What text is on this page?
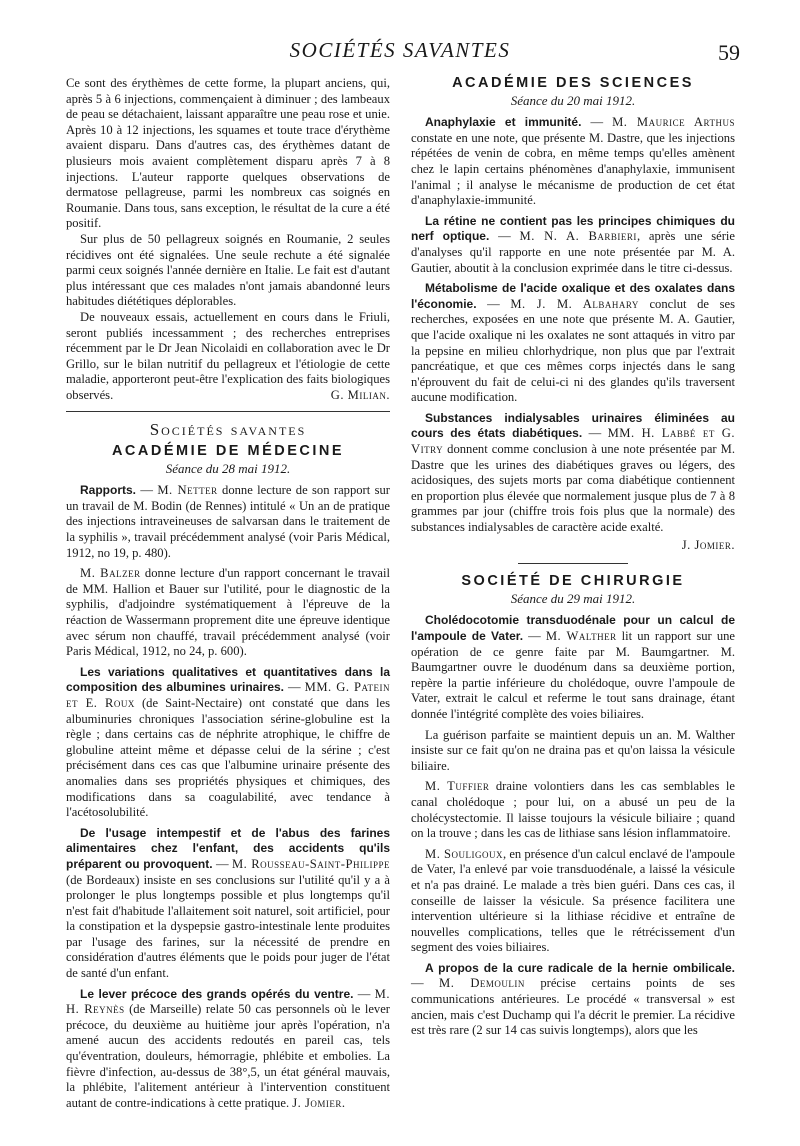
SOCIÉTÉS SAVANTES	59

Ce sont des érythèmes de cette forme, la plupart anciens, qui, après 5 à 6 injections, commençaient à diminuer ; des lambeaux de peau se détachaient, laissant apparaître une peau rose et unie. Après 10 à 12 injections, les squames et toute trace d'érythème avaient disparu. Dans d'autres cas, des érythèmes datant de plusieurs mois avaient complètement disparu après 7 à 8 injections. L'auteur rapporte quelques observations de dermatose pellagreuse, parmi les nombreux cas soignés en Roumanie. Dans tous, sans exception, le résultat de la cure a été positif.

Sur plus de 50 pellagreux soignés en Roumanie, 2 seules récidives ont été signalées. Une seule rechute a été signalée parmi ceux soignés l'année dernière en Italie. Le fait est d'autant plus intéressant que ces malades n'ont jamais abandonné leurs habitudes diététiques déplorables.

De nouveaux essais, actuellement en cours dans le Friuli, seront publiés incessamment ; des recherches entreprises récemment par le Dr Jean Nicolaidi en collaboration avec le Dr Grillo, sur le bilan nutritif du pellagreux et l'étiologie de cette maladie, apporteront peut-être l'explication des faits biologiques observés.	G. Milian.

Sociétés savantes
ACADÉMIE DE MÉDECINE
Séance du 28 mai 1912.

Rapports. — M. Netter donne lecture de son rapport sur un travail de M. Bodin (de Rennes) intitulé « Un an de pratique des injections intraveineuses de salvarsan dans le traitement de la syphilis », travail précédemment analysé (voir Paris Médical, 1912, no 19, p. 480).

M. Balzer donne lecture d'un rapport concernant le travail de MM. Hallion et Bauer sur l'utilité, pour le diagnostic de la syphilis, d'adjoindre systématiquement à l'épreuve de la réaction de Wassermann proprement dite une épreuve identique avec sérum non chauffé, travail précédemment analysé (voir Paris Médical, 1912, no 24, p. 600).

Les variations qualitatives et quantitatives dans la composition des albumines urinaires. — MM. G. Patein et E. Roux (de Saint-Nectaire) ont constaté que dans les albuminuries chroniques l'association sérine-globuline est la règle ; dans certains cas de néphrite atrophique, le chiffre de globuline atteint même et dépasse celui de la sérine ; c'est précisément dans ces cas que l'albumine urinaire présente des anomalies dans ses propriétés physiques et chimiques, des modifications dans sa coagulabilité, avec tendance à l'acétosolubilité.

De l'usage intempestif et de l'abus des farines alimentaires chez l'enfant, des accidents qu'ils préparent ou provoquent. — M. Rousseau-Saint-Philippe (de Bordeaux) insiste en ses conclusions sur l'utilité qu'il y a à prolonger le plus longtemps possible et plus longtemps qu'il n'est fait d'habitude l'allaitement soit naturel, soit artificiel, pour la constipation et la dyspepsie gastro-intestinale lente produites par l'usage des farines, sur la nécessité de prendre en considération d'autres éléments que le poids pour juger de l'état de santé d'un enfant.

Le lever précoce des grands opérés du ventre. — M. H. Reynès (de Marseille) relate 50 cas personnels où le lever précoce, du deuxième au huitième jour après l'opération, n'a amené aucun des accidents redoutés en pareil cas, tels qu'éventration, douleurs, hémorragie, phlébite et embolies. La fièvre d'infection, au-dessus de 38°,5, un état général mauvais, la phlébite, l'alitement antérieur à l'intervention constituent autant de contre-indications à cette pratique. J. Jomier.

ACADÉMIE DES SCIENCES
Séance du 20 mai 1912.

Anaphylaxie et immunité. — M. Maurice Arthus constate en une note, que présente M. Dastre, que les injections répétées de venin de cobra, en même temps qu'elles amènent chez le lapin certains phénomènes d'anaphylaxie, immunisent l'animal ; il analyse le mécanisme de production de cet état d'anaphylaxie-immunité.

La rétine ne contient pas les principes chimiques du nerf optique. — M. N. A. Barbieri, après une série d'analyses qu'il rapporte en une note présentée par M. A. Gautier, aboutit à la conclusion exprimée dans le titre ci-dessus.

Métabolisme de l'acide oxalique et des oxalates dans l'économie. — M. J. M. Albahary conclut de ses recherches, exposées en une note que présente M. A. Gautier, que l'acide oxalique ni les oxalates ne sont attaqués in vitro par la pepsine en milieu chlorhydrique, non plus que par l'extrait pancréatique, et que ces mêmes corps injectés dans le sang n'éprouvent du fait de celui-ci ni des glandes qu'ils traversent aucune modification.

Substances indialysables urinaires éliminées au cours des états diabétiques. — MM. H. Labbé et G. Vitry donnent comme conclusion à une note présentée par M. Dastre que les urines des diabétiques graves ou légers, des acidosiques, des sujets morts par coma diabétique contiennent en proportion plus élevée que normalement jusque plus de 7 à 8 grammes par jour (chiffre trois fois plus que la normale) des substances indialysables de caractère acide exalté.

J. Jomier.
SOCIÉTÉ DE CHIRURGIE
Séance du 29 mai 1912.

Cholédocotomie transduodénale pour un calcul de l'ampoule de Vater. — M. Walther lit un rapport sur une opération de ce genre faite par M. Baumgartner. M. Baumgartner ouvre le duodénum dans sa deuxième portion, repère la partie inférieure du cholédoque, ouvre l'ampoule de Vater, extrait le calcul et referme le tout sans drainage, étant donnée l'intégrité complète des voies biliaires.

La guérison parfaite se maintient depuis un an. M. Walther insiste sur ce fait qu'on ne draina pas et qu'on laissa la vésicule biliaire.

M. Tuffier draine volontiers dans les cas semblables le canal cholédoque ; pour lui, on a abusé un peu de la cholécystectomie. Il laisse toujours la vésicule biliaire ; quand on la trouve ; dans les cas de lithiase sans lésion inflammatoire.

M. Souligoux, en présence d'un calcul enclavé de l'ampoule de Vater, l'a enlevé par voie transduodénale, a laissé la vésicule et n'a pas drainé. Le malade a très bien guéri. Dans ces cas, il conseille de laisser la vésicule. Sa présence facilitera une intervention ultérieure si la lithiase récidive et entraîne de nouvelles complications, telles que le rétrécissement d'un segment des voies biliaires.

A propos de la cure radicale de la hernie ombilicale. — M. Demoulin précise certains points de ses communications antérieures. Le procédé « transversal » est ancien, mais c'est Duchamp qui l'a décrit le premier. La récidive est très rare (2 sur 14 cas suivis longtemps), alors que les
